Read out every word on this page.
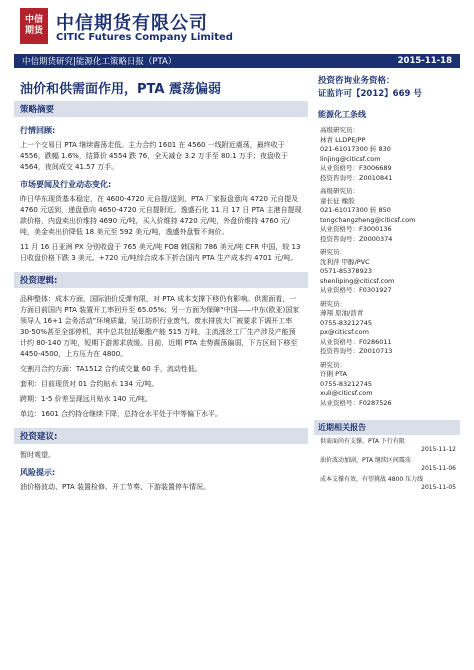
中信
期货 中信期货有限公司
CITIC Futures Company Limited
中信期货研究|能源化工策略日报（PTA）	2015-11-18
油价和供需面作用，PTA 震荡偏弱
策略摘要
行情回顾:
上一个交易日 PTA 继续震荡走低。主力合约 1601 在 4560 一线附近震荡，最终收于 4556，跌幅 1.6%，结算价 4554 跌 76，全天减仓 3.2 万手至 80.1 万手；夜盘收于 4564，夜间成交 41.57 万手。
市场要闻及行业动态变化:
昨日华东现货基本稳定，在 4600-4720 元自提/送到，PTA 厂家报盘意向 4720 元自提及 4760 元送到，递盘意向 4650-4720 元自提附近。逸盛石化 11 月 17 日 PTA 主港自提现款价格，内盘卖出价维持 4690 元/吨，买入价维持 4720 元/吨，外盘价维持 4760 元/吨，美金卖出价降低 18 美元至 592 美元/吨，逸盛外盘暂不询价。
11 月 16 日亚洲 PX 分别收盘于 765 美元/吨 FOB 韩国和 786 美元/吨 CFR 中国，较 13 日收盘价格下跌 3 美元。+720 元/吨综合成本下折合国内 PTA 生产成本约 4701 元/吨。
投资逻辑:
品种整体：成本方面，国际油价反弹有限，对 PTA 成本支撑下移仍有影响。供需面看，一方面目前国内 PTA 装置开工率回升至 65.05%；另一方面为保障“中国——中东(欧亚)国家领导人 16+1 会务活动”环境质量，吴江纺织行业废气、废水排放大厂被要求下调开工率 30-50%甚至全部停机，其中总共包括聚酯产能 515 万吨，主流涨丝工厂生产涉及产能预计约 80-140 万吨，短期下游需求放缓。目前，近期 PTA 走势震荡偏弱，下方区间下移至 4450-4500，上方压力在 4800。
交割月合约方面：TA1512 合约成交量 60 手，流动性低。
套利：目前现货对 01 合约贴水 134 元/吨。
跨期：1-5 价差呈现远月贴水 140 元/吨。
单边：1601 合约持仓继续下降，总持仓水平处于中等偏下水平。
投资建议:
暂时观望。
风险提示:
油价格波动、PTA 装置检修、开工节奏、下游装置停车情况。
投资咨询业务资格：
证监许可【2012】669 号
能源化工条线
高级研究员：
林青 LLDPE/PP
021-61017300 转 830
linjing@citicsf.com
从业资格号：F3006689
投资咨询号：Z0010841
高级研究员：
童长征 橡胶
021-61017300 转 850
tongchangzheng@citicsf.com
从业资格号：F3000136
投资咨询号：Z0000374
研究员：
沈利萍 甲醇/PVC
0571-85378923
shenliping@citicsf.com
从业资格号：F0301927
研究员：
薄翔 原油/沥青
0755-83212745
px@citicsf.com
从业资格号：F0286011
投资咨询号：Z0010713
研究员：
许俐 PTA
0755-83212745
xuli@citicsf.com
从业资格号：F0287526
近期相关报告
供需面尚有支撑，PTA 下行有限
2015-11-12
油价波动加剧，PTA 继续区间震荡
2015-11-06
成本支撑有效，有望挑战 4800 压力线
2015-11-05
